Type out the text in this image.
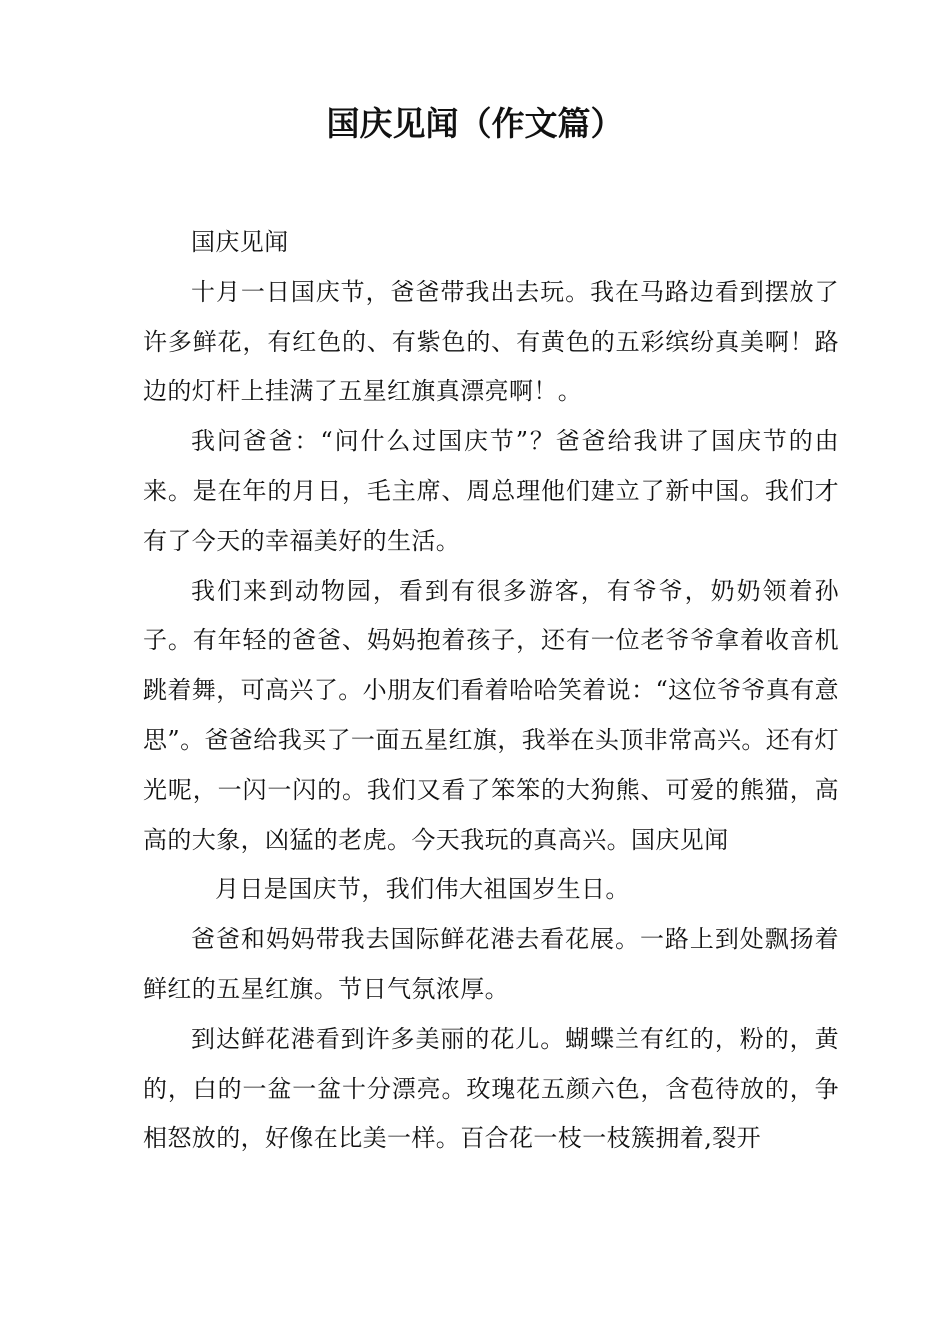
国庆见闻（作文篇）

国庆见闻

十月一日国庆节，爸爸带我出去玩。我在马路边看到摆放了许多鲜花，有红色的、有紫色的、有黄色的五彩缤纷真美啊！路边的灯杆上挂满了五星红旗真漂亮啊！。

我问爸爸：“问什么过国庆节”？爸爸给我讲了国庆节的由来。是在年的月日，毛主席、周总理他们建立了新中国。我们才有了今天的幸福美好的生活。

我们来到动物园，看到有很多游客，有爷爷，奶奶领着孙子。有年轻的爸爸、妈妈抱着孩子，还有一位老爷爷拿着收音机跳着舞，可高兴了。小朋友们看着哈哈笑着说：“这位爷爷真有意思”。爸爸给我买了一面五星红旗，我举在头顶非常高兴。还有灯光呢，一闪一闪的。我们又看了笨笨的大狗熊、可爱的熊猫，高高的大象，凶猛的老虎。今天我玩的真高兴。国庆见闻

月日是国庆节，我们伟大祖国岁生日。

爸爸和妈妈带我去国际鲜花港去看花展。一路上到处飘扬着鲜红的五星红旗。节日气氛浓厚。

到达鲜花港看到许多美丽的花儿。蝴蝶兰有红的，粉的，黄的，白的一盆一盆十分漂亮。玫瑰花五颜六色，含苞待放的，争相怒放的，好像在比美一样。百合花一枝一枝簇拥着,裂开
